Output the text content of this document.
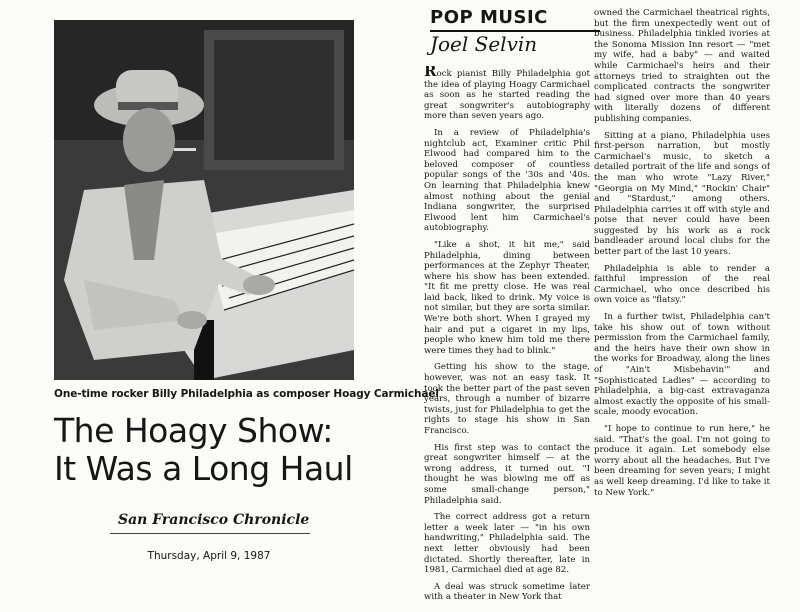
One-time rocker Billy Philadelphia as composer Hoagy Carmichael
The Hoagy Show:
It Was a Long Haul
San Francisco Chronicle
Thursday, April 9, 1987
POP MUSIC
Joel Selvin

Rock pianist Billy Philadelphia got the idea of playing Hoagy Carmichael as soon as he started reading the great songwriter's autobiography more than seven years ago.

In a review of Philadelphia's nightclub act, Examiner critic Phil Elwood had compared him to the beloved composer of countless popular songs of the '30s and '40s. On learning that Philadelphia knew almost nothing about the genial Indiana songwriter, the surprised Elwood lent him Carmichael's autobiography.

"Like a shot, it hit me," said Philadelphia, dining between performances at the Zephyr Theater, where his show has been extended. "It fit me pretty close. He was real laid back, liked to drink. My voice is not similar, but they are sorta similar. We're both short. When I grayed my hair and put a cigaret in my lips, people who knew him told me there were times they had to blink."

Getting his show to the stage, however, was not an easy task. It took the better part of the past seven years, through a number of bizarre twists, just for Philadelphia to get the rights to stage his show in San Francisco.

His first step was to contact the great songwriter himself — at the wrong address, it turned out. "I thought he was blowing me off as some small-change person," Philadelphia said.

The correct address got a return letter a week later — "in his own handwriting," Philadelphia said. The next letter obviously had been dictated. Shortly thereafter, late in 1981, Carmichael died at age 82.

A deal was struck sometime later with a theater in New York that

owned the Carmichael theatrical rights, but the firm unexpectedly went out of business. Philadelphia tinkled ivories at the Sonoma Mission Inn resort — "met my wife, had a baby" — and waited while Carmichael's heirs and their attorneys tried to straighten out the complicated contracts the songwriter had signed over more than 40 years with literally dozens of different publishing companies.

Sitting at a piano, Philadelphia uses first-person narration, but mostly Carmichael's music, to sketch a detailed portrait of the life and songs of the man who wrote "Lazy River," "Georgia on My Mind," "Rockin' Chair" and "Stardust," among others. Philadelphia carries it off with style and poise that never could have been suggested by his work as a rock bandleader around local clubs for the better part of the last 10 years.

Philadelphia is able to render a faithful impression of the real Carmichael, who once described his own voice as "flatsy."

In a further twist, Philadelphia can't take his show out of town without permission from the Carmichael family, and the heirs have their own show in the works for Broadway, along the lines of "Ain't Misbehavin'" and "Sophisticated Ladies" — according to Philadelphia, a big-cast extravaganza almost exactly the opposite of his small-scale, moody evocation.

"I hope to continue to run here," he said. "That's the goal. I'm not going to produce it again. Let somebody else worry about all the headaches. But I've been dreaming for seven years; I might as well keep dreaming. I'd like to take it to New York."
